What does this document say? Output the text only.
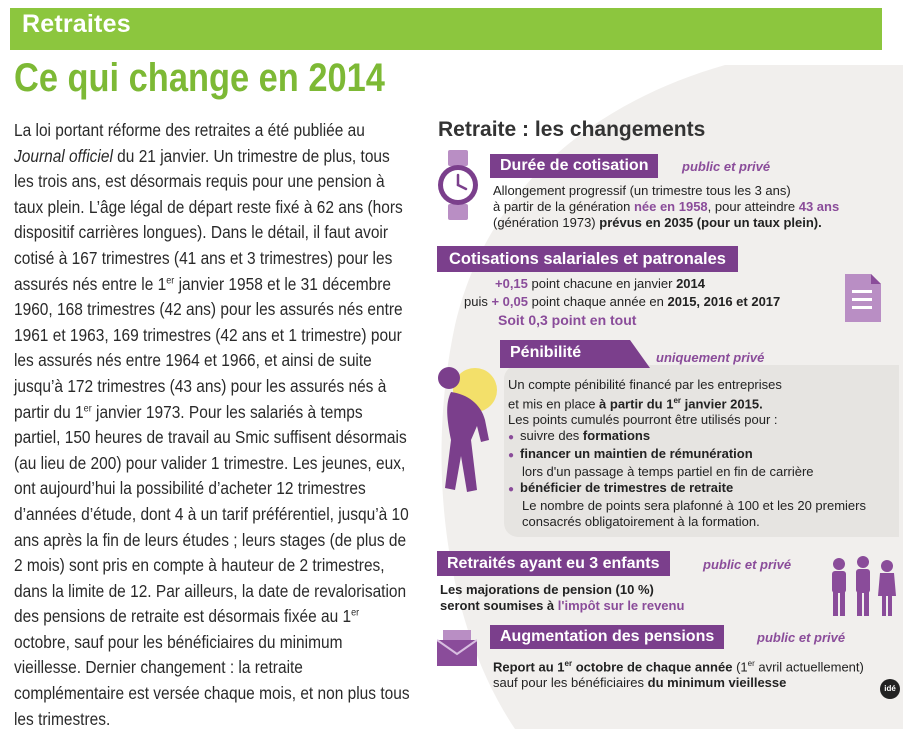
Retraites
Ce qui change en 2014
La loi portant réforme des retraites a été publiée au Journal officiel du 21 janvier. Un trimestre de plus, tous les trois ans, est désormais requis pour une pension à taux plein. L’âge légal de départ reste fixé à 62 ans (hors dispositif carrières longues). Dans le détail, il faut avoir cotisé à 167 trimestres (41 ans et 3 trimestres) pour les assurés nés entre le 1er janvier 1958 et le 31 décembre 1960, 168 trimestres (42 ans) pour les assurés nés entre 1961 et 1963, 169 trimestres (42 ans et 1 trimestre) pour les assurés nés entre 1964 et 1966, et ainsi de suite jusqu’à 172 trimestres (43 ans) pour les assurés nés à partir du 1er janvier 1973. Pour les salariés à temps partiel, 150 heures de travail au Smic suffisent désormais (au lieu de 200) pour valider 1 trimestre. Les jeunes, eux, ont aujourd’hui la possibilité d’acheter 12 trimestres d’années d’étude, dont 4 à un tarif préférentiel, jusqu’à 10 ans après la fin de leurs études ; leurs stages (de plus de 2 mois) sont pris en compte à hauteur de 2 trimestres, dans la limite de 12. Par ailleurs, la date de revalorisation des pensions de retraite est désormais fixée au 1er octobre, sauf pour les bénéficiaires du minimum vieillesse. Dernier changement : la retraite complémentaire est versée chaque mois, et non plus tous les trimestres.
Retraite : les changements
Durée de cotisation	public et privé
Allongement progressif (un trimestre tous les 3 ans)
à partir de la génération née en 1958, pour atteindre 43 ans
(génération 1973) prévus en 2035 (pour un taux plein).
Cotisations salariales et patronales
+0,15 point chacune en janvier 2014
puis + 0,05 point chaque année en 2015, 2016 et 2017
Soit 0,3 point en tout
Pénibilité	uniquement privé
Un compte pénibilité financé par les entreprises
et mis en place à partir du 1er janvier 2015.
Les points cumulés pourront être utilisés pour :
● suivre des formations
● financer un maintien de rémunération
lors d'un passage à temps partiel en fin de carrière
● bénéficier de trimestres de retraite
Le nombre de points sera plafonné à 100 et les 20 premiers
consacrés obligatoirement à la formation.
Retraités ayant eu 3 enfants	public et privé
Les majorations de pension (10 %)
seront soumises à l'impôt sur le revenu
Augmentation des pensions	public et privé
Report au 1er octobre de chaque année (1er avril actuellement)
sauf pour les bénéficiaires du minimum vieillesse	idé
